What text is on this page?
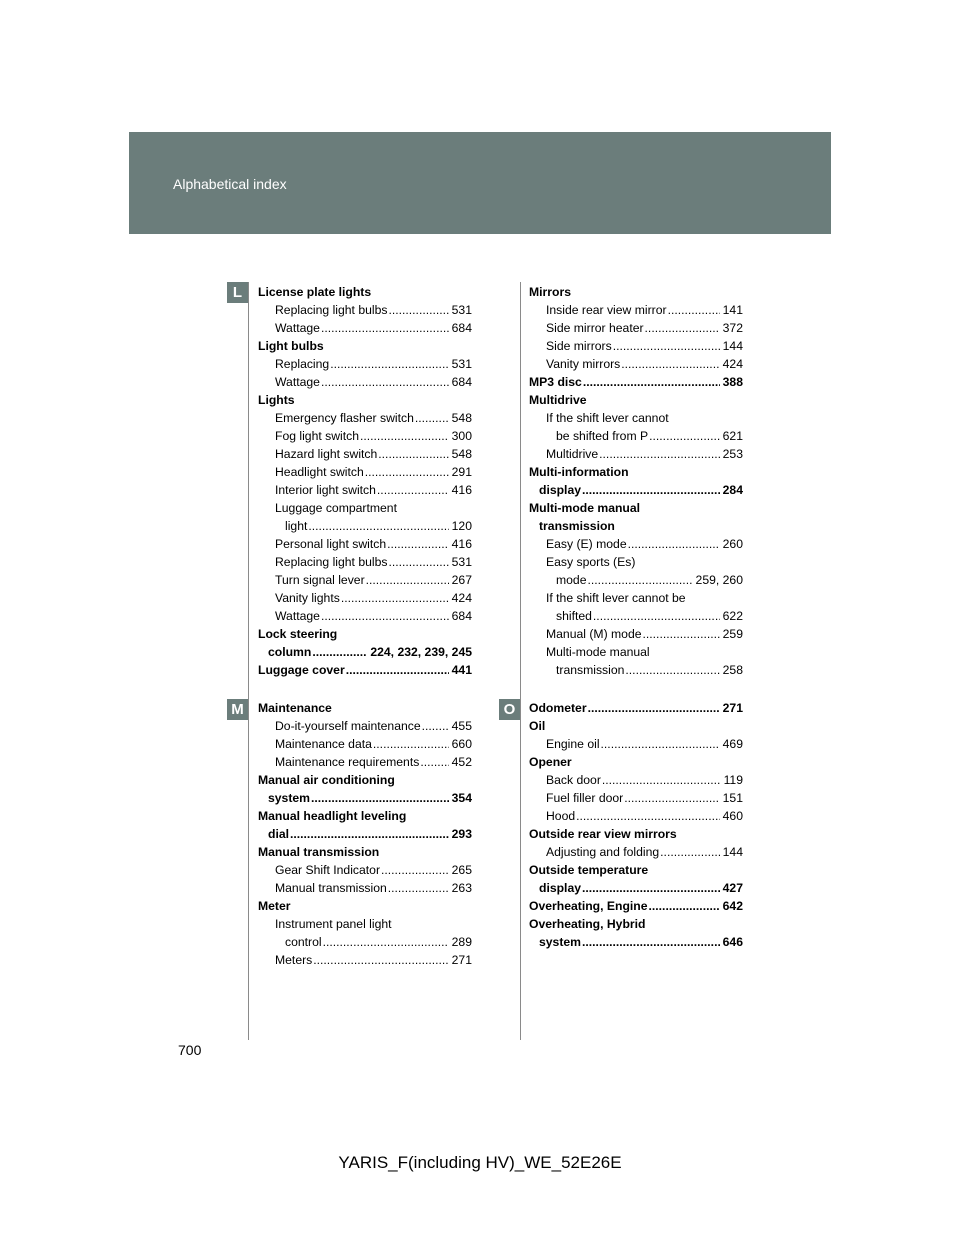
Alphabetical index
L
M	O
License plate lights
Replacing light bulbs .....	531
Wattage .....	684
Light bulbs
Replacing .....	531
Wattage .....	684
Lights
Emergency flasher switch .....	548
Fog light switch .....	300
Hazard light switch .....	548
Headlight switch .....	291
Interior light switch .....	416
Luggage compartment
light .....	120
Personal light switch .....	416
Replacing light bulbs .....	531
Turn signal lever .....	267
Vanity lights .....	424
Wattage .....	684
Lock steering
column .....	224, 232, 239, 245
Luggage cover .....	441
Maintenance
Do-it-yourself maintenance .....	455
Maintenance data .....	660
Maintenance requirements .....	452
Manual air conditioning
system .....	354
Manual headlight leveling
dial .....	293
Manual transmission
Gear Shift Indicator .....	265
Manual transmission .....	263
Meter
Instrument panel light
control .....	289
Meters .....	271
Mirrors
Inside rear view mirror .....	141
Side mirror heater .....	372
Side mirrors .....	144
Vanity mirrors .....	424
MP3 disc .....	388
Multidrive
If the shift lever cannot
be shifted from P .....	621
Multidrive .....	253
Multi-information
display .....	284
Multi-mode manual
transmission
Easy (E) mode .....	260
Easy sports (Es)
mode .....	259, 260
If the shift lever cannot be
shifted .....	622
Manual (M) mode .....	259
Multi-mode manual
transmission .....	258
Odometer .....	271
Oil
Engine oil .....	469
Opener
Back door .....	119
Fuel filler door .....	151
Hood .....	460
Outside rear view mirrors
Adjusting and folding .....	144
Outside temperature
display .....	427
Overheating, Engine .....	642
Overheating, Hybrid
system .....	646
700
YARIS_F(including HV)_WE_52E26E
